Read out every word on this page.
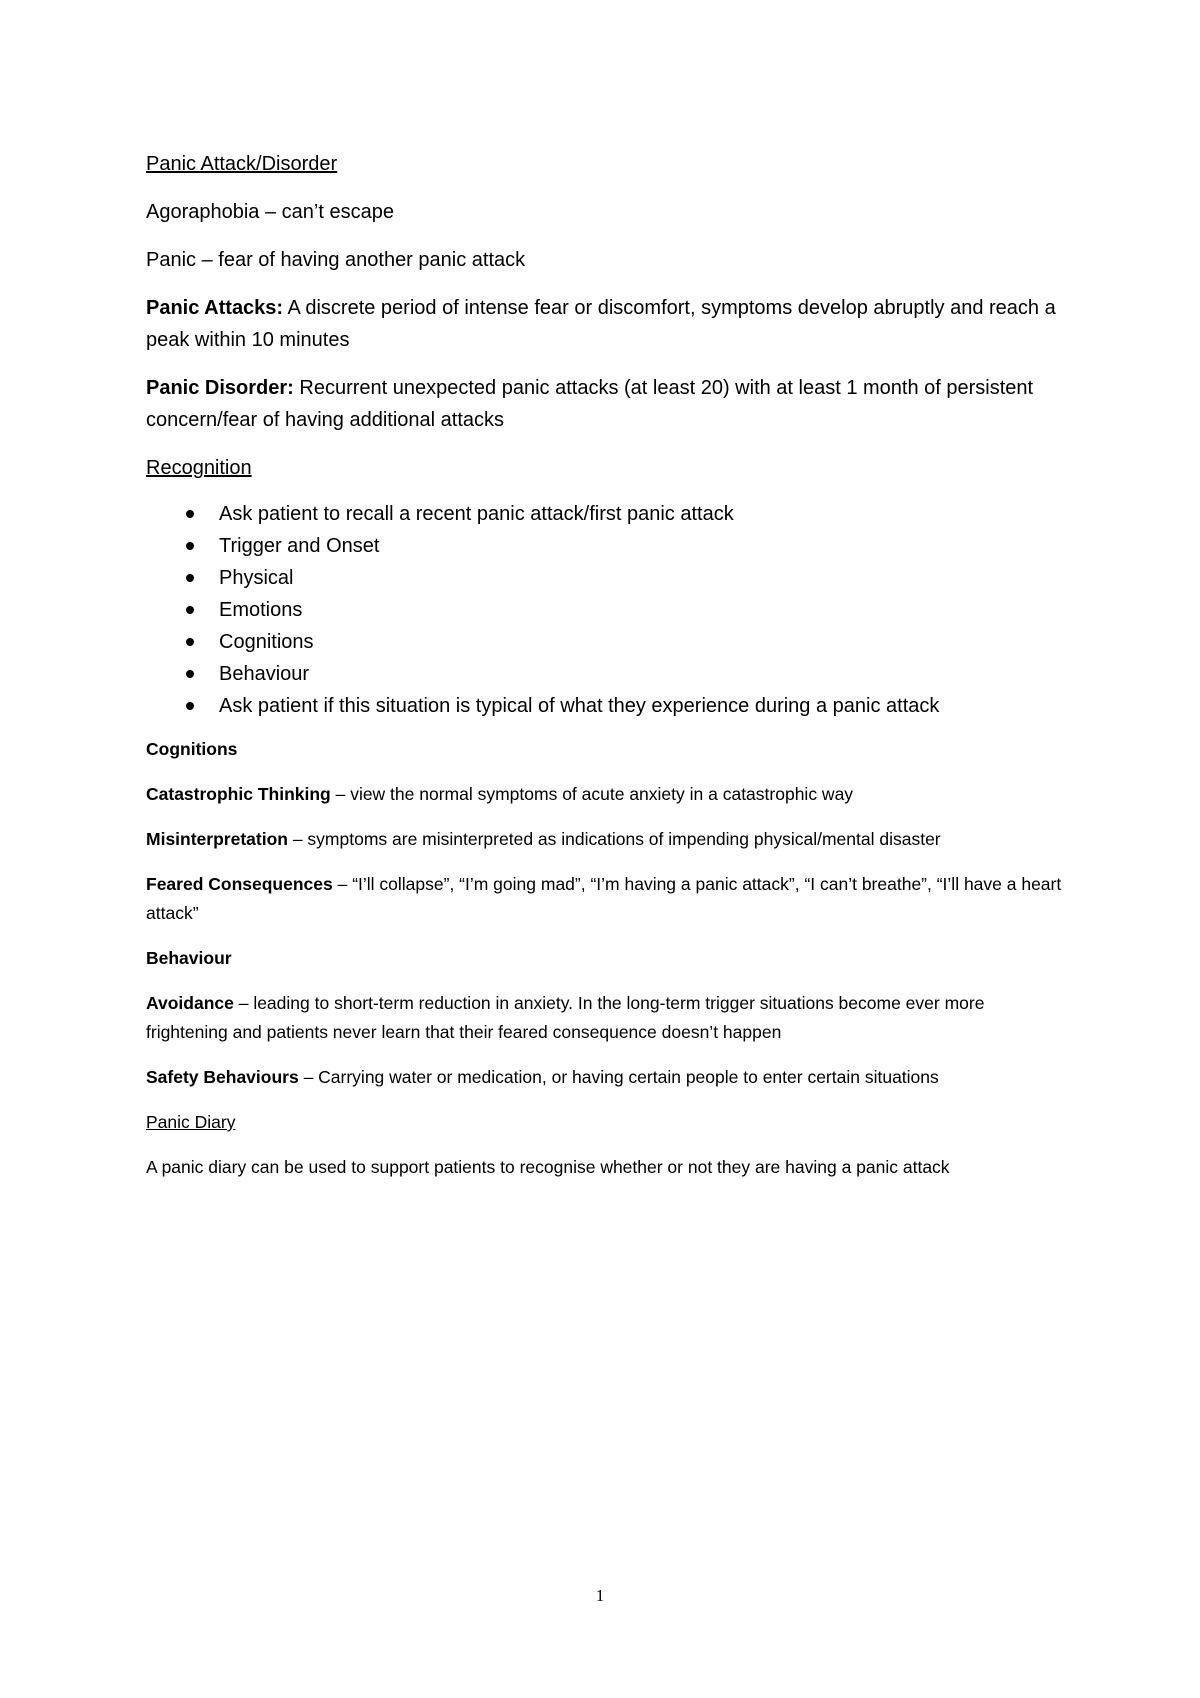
Panic Attack/Disorder

Agoraphobia – can’t escape

Panic – fear of having another panic attack

Panic Attacks: A discrete period of intense fear or discomfort, symptoms develop abruptly and reach a peak within 10 minutes

Panic Disorder: Recurrent unexpected panic attacks (at least 20) with at least 1 month of persistent concern/fear of having additional attacks

Recognition

Ask patient to recall a recent panic attack/first panic attack
Trigger and Onset
Physical
Emotions
Cognitions
Behaviour
Ask patient if this situation is typical of what they experience during a panic attack

Cognitions

Catastrophic Thinking – view the normal symptoms of acute anxiety in a catastrophic way

Misinterpretation – symptoms are misinterpreted as indications of impending physical/mental disaster

Feared Consequences – “I’ll collapse”, “I’m going mad”, “I’m having a panic attack”, “I can’t breathe”, “I’ll have a heart attack”

Behaviour

Avoidance – leading to short-term reduction in anxiety. In the long-term trigger situations become ever more frightening and patients never learn that their feared consequence doesn’t happen

Safety Behaviours – Carrying water or medication, or having certain people to enter certain situations

Panic Diary

A panic diary can be used to support patients to recognise whether or not they are having a panic attack

1
